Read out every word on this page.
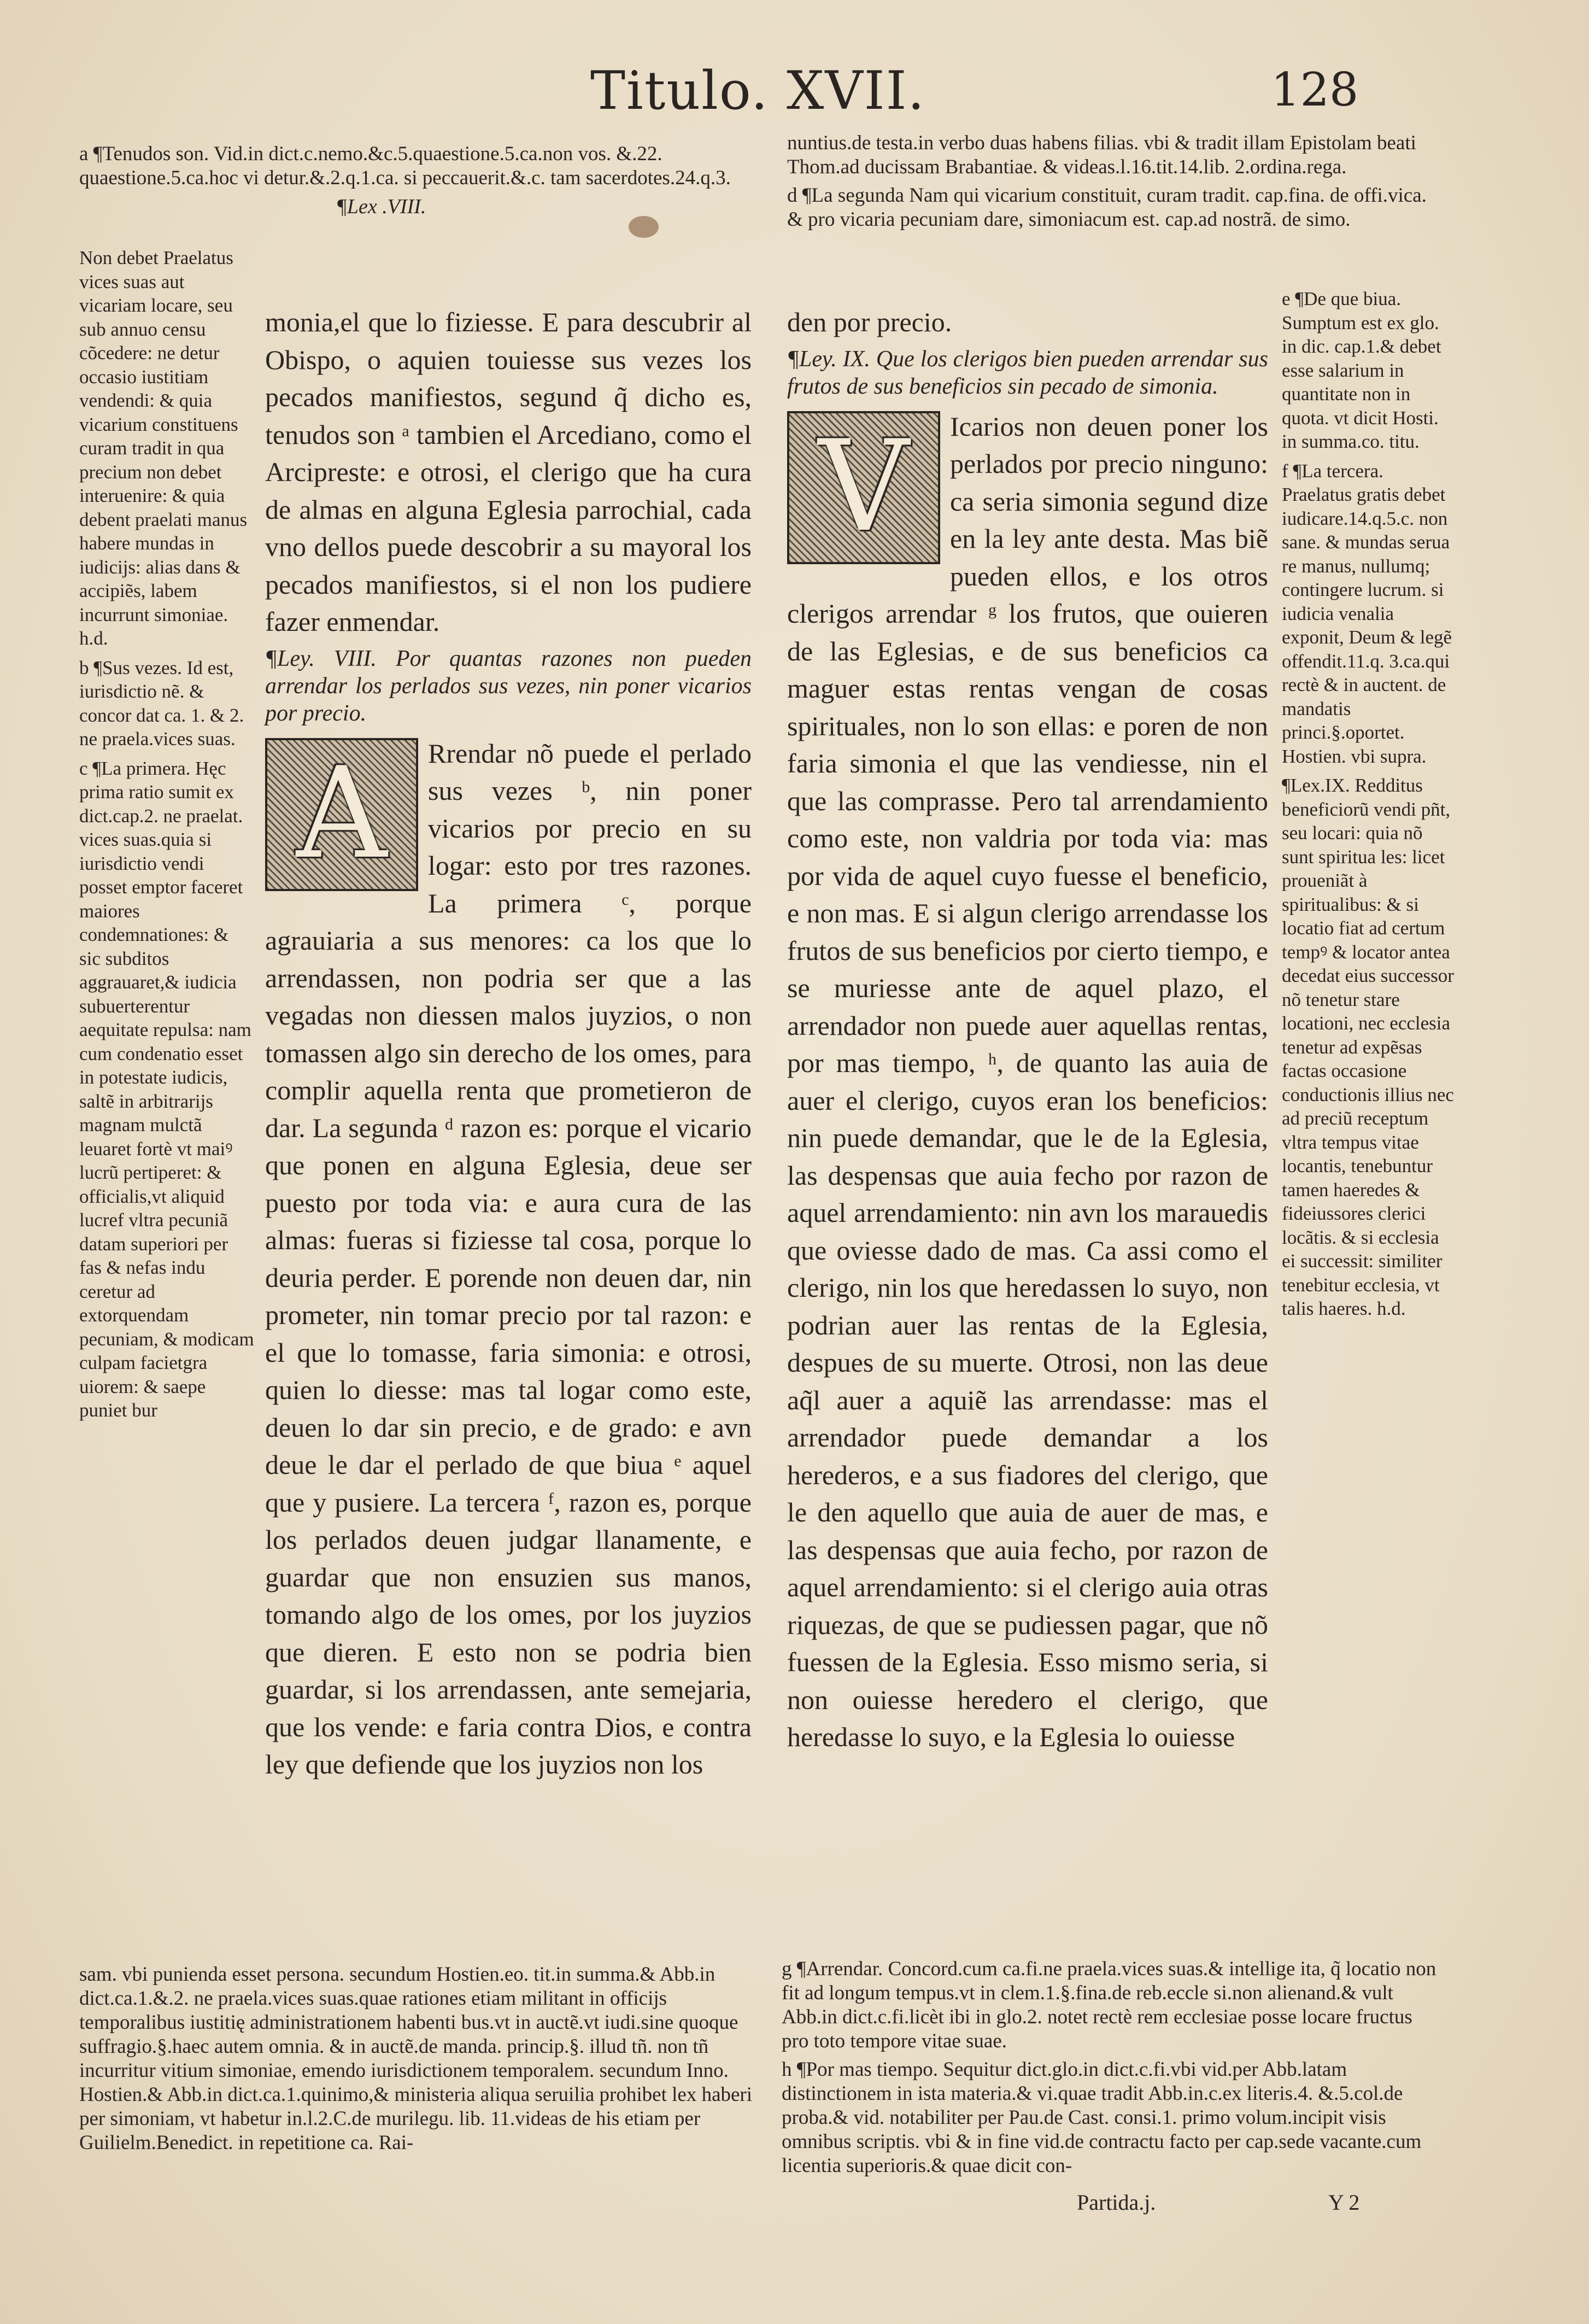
Titulo. XVII.	128

a ¶Tenudos son. Vid.in dict.c.nemo.&c.5.quaestione.5.ca.non vos. &.22. quaestione.5.ca.hoc vi detur.&.2.q.1.ca. si peccauerit.&.c. tam sacerdotes.24.q.3.

¶Lex .VIII.

nuntius.de testa.in verbo duas habens filias. vbi & tradit illam Epistolam beati Thom.ad ducissam Brabantiae. & videas.l.16.tit.14.lib. 2.ordina.rega.

d ¶La segunda Nam qui vicarium constituit, curam tradit. cap.fina. de offi.vica. & pro vicaria pecuniam dare, simoniacum est. cap.ad nostrã. de simo.

Non debet Praelatus vices suas aut vicariam locare, seu sub annuo censu cõcedere: ne detur occasio iustitiam vendendi: & quia vicarium constituens curam tradit in qua precium non debet interuenire: & quia debent praelati manus habere mundas in iudicijs: alias dans & accipiẽs, labem incurrunt simoniae. h.d.

b ¶Sus vezes. Id est, iurisdictio nẽ. & concor dat ca. 1. & 2. ne praela.vices suas.

c ¶La primera. Hęc prima ratio sumit ex dict.cap.2. ne praelat. vices suas.quia si iurisdictio vendi posset emptor faceret maiores condemnationes: & sic subditos aggrauaret,& iudicia subuerterentur aequitate repulsa: nam cum condenatio esset in potestate iudicis, saltẽ in arbitrarijs magnam mulctã leuaret fortè vt maiꝰ lucrũ pertiperet: & officialis,vt aliquid lucref vltra pecuniã datam superiori per fas & nefas indu ceretur ad extorquendam pecuniam, & modicam culpam facietgra uiorem: & saepe puniet bur

monia,el que lo fiziesse. E para descubrir al Obispo, o aquien touiesse sus vezes los pecados manifiestos, segund q̃ dicho es, tenudos son ᵃ tambien el Arcediano, como el Arcipreste: e otrosi, el clerigo que ha cura de almas en alguna Eglesia parrochial, cada vno dellos puede descobrir a su mayoral los pecados manifiestos, si el non los pudiere fazer enmendar.

¶Ley. VIII. Por quantas razones non pueden arrendar los perlados sus vezes, nin poner vicarios por precio.

A	Rrendar nõ puede el perlado sus vezes ᵇ, nin poner vicarios por precio en su logar: esto por tres razones. La primera ᶜ, porque agrauiaria a sus menores: ca los que lo arrendassen, non podria ser que a las vegadas non diessen malos juyzios, o non tomassen algo sin derecho de los omes, para complir aquella renta que prometieron de dar. La segunda ᵈ razon es: porque el vicario que ponen en alguna Eglesia, deue ser puesto por toda via: e aura cura de las almas: fueras si fiziesse tal cosa, porque lo deuria perder. E porende non deuen dar, nin prometer, nin tomar precio por tal razon: e el que lo tomasse, faria simonia: e otrosi, quien lo diesse: mas tal logar como este, deuen lo dar sin precio, e de grado: e avn deue le dar el perlado de que biua ᵉ aquel que y pusiere. La tercera ᶠ, razon es, porque los perlados deuen judgar llanamente, e guardar que non ensuzien sus manos, tomando algo de los omes, por los juyzios que dieren. E esto non se podria bien guardar, si los arrendassen, ante semejaria, que los vende: e faria contra Dios, e contra ley que defiende que los juyzios non los

den por precio.

¶Ley. IX. Que los clerigos bien pueden arrendar sus frutos de sus beneficios sin pecado de simonia.

V	Icarios non deuen poner los perlados por precio ninguno: ca seria simonia segund dize en la ley ante desta. Mas biẽ pueden ellos, e los otros clerigos arrendar ᵍ los frutos, que ouieren de las Eglesias, e de sus beneficios ca maguer estas rentas vengan de cosas spirituales, non lo son ellas: e poren de non faria simonia el que las vendiesse, nin el que las comprasse. Pero tal arrendamiento como este, non valdria por toda via: mas por vida de aquel cuyo fuesse el beneficio, e non mas. E si algun clerigo arrendasse los frutos de sus beneficios por cierto tiempo, e se muriesse ante de aquel plazo, el arrendador non puede auer aquellas rentas, por mas tiempo, ʰ, de quanto las auia de auer el clerigo, cuyos eran los beneficios: nin puede demandar, que le de la Eglesia, las despensas que auia fecho por razon de aquel arrendamiento: nin avn los marauedis que oviesse dado de mas. Ca assi como el clerigo, nin los que heredassen lo suyo, non podrian auer las rentas de la Eglesia, despues de su muerte. Otrosi, non las deue aq̃l auer a aquiẽ las arrendasse: mas el arrendador puede demandar a los herederos, e a sus fiadores del clerigo, que le den aquello que auia de auer de mas, e las despensas que auia fecho, por razon de aquel arrendamiento: si el clerigo auia otras riquezas, de que se pudiessen pagar, que nõ fuessen de la Eglesia. Esso mismo seria, si non ouiesse heredero el clerigo, que heredasse lo suyo, e la Eglesia lo ouiesse

e ¶De que biua. Sumptum est ex glo. in dic. cap.1.& debet esse salarium in quantitate non in quota. vt dicit Hosti. in summa.co. titu.

f ¶La tercera. Praelatus gratis debet iudicare.14.q.5.c. non sane. & mundas serua re manus, nullumq; contingere lucrum. si iudicia venalia exponit, Deum & legẽ offendit.11.q. 3.ca.qui rectè & in auctent. de mandatis princi.§.oportet. Hostien. vbi supra.

¶Lex.IX. Redditus beneficiorũ vendi pñt, seu locari: quia nõ sunt spiritua les: licet proueniãt à spiritualibus: & si locatio fiat ad certum tempꝰ & locator antea decedat eius successor nõ tenetur stare locationi, nec ecclesia tenetur ad expẽsas factas occasione conductionis illius nec ad preciũ receptum vltra tempus vitae locantis, tenebuntur tamen haeredes & fideiussores clerici locãtis. & si ecclesia ei successit: similiter tenebitur ecclesia, vt talis haeres. h.d.

sam. vbi punienda esset persona. secundum Hostien.eo. tit.in summa.& Abb.in dict.ca.1.&.2. ne praela.vices suas.quae rationes etiam militant in officijs temporalibus iustitię administrationem habenti bus.vt in auctẽ.vt iudi.sine quoque suffragio.§.haec autem omnia. & in auctẽ.de manda. princip.§. illud tñ. non tñ incurritur vitium simoniae, emendo iurisdictionem temporalem. secundum Inno. Hostien.& Abb.in dict.ca.1.quinimo,& ministeria aliqua seruilia prohibet lex haberi per simoniam, vt habetur in.l.2.C.de murilegu. lib. 11.videas de his etiam per Guilielm.Benedict. in repetitione ca. Rai-

g ¶Arrendar. Concord.cum ca.fi.ne praela.vices suas.& intellige ita, q̃ locatio non fit ad longum tempus.vt in clem.1.§.fina.de reb.eccle si.non alienand.& vult Abb.in dict.c.fi.licèt ibi in glo.2. notet rectè rem ecclesiae posse locare fructus pro toto tempore vitae suae.

h ¶Por mas tiempo. Sequitur dict.glo.in dict.c.fi.vbi vid.per Abb.latam distinctionem in ista materia.& vi.quae tradit Abb.in.c.ex literis.4. &.5.col.de proba.& vid. notabiliter per Pau.de Cast. consi.1. primo volum.incipit visis omnibus scriptis. vbi & in fine vid.de contractu facto per cap.sede vacante.cum licentia superioris.& quae dicit con-

Partida.j.	Y 2
